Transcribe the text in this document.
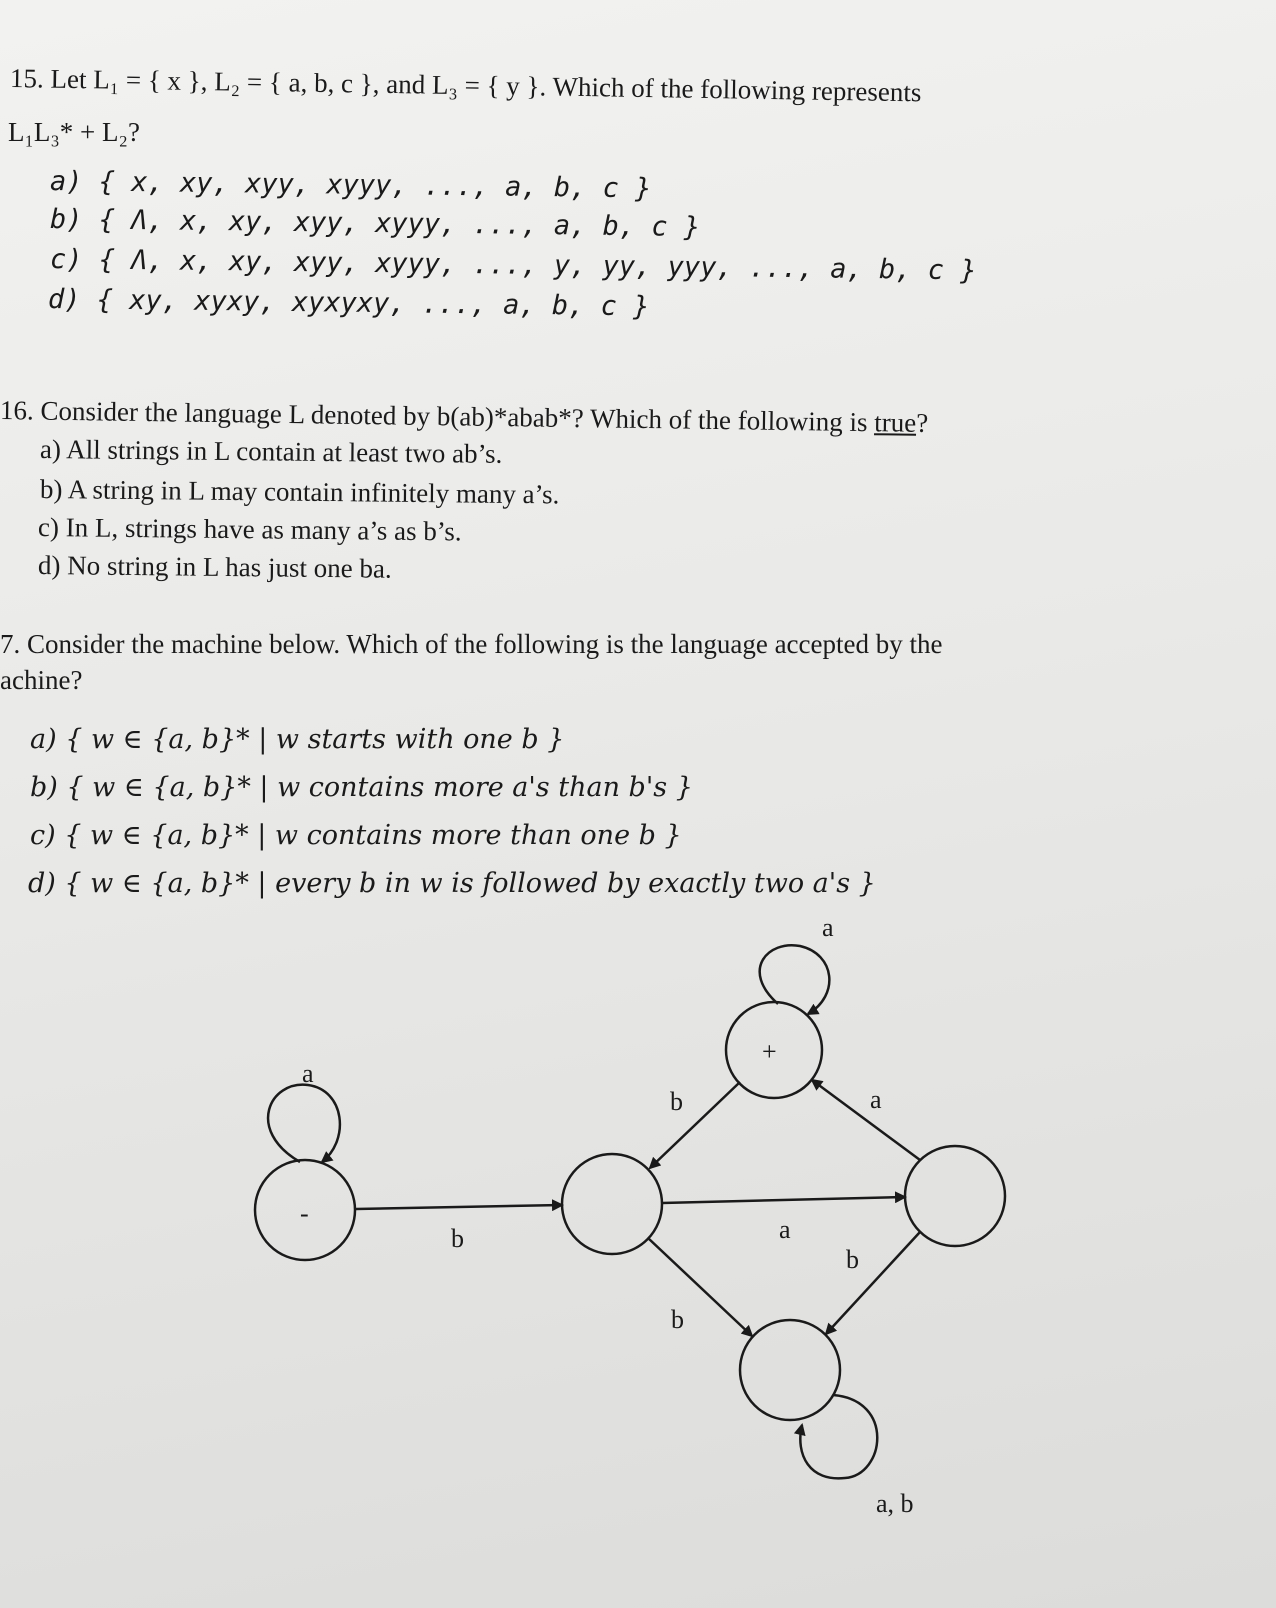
15. Let L₁ = { x }, L₂ = { a, b, c }, and L₃ = { y }. Which of the following represents
L₁L₃* + L₂?
a) { x, xy, xyy, xyyy, ..., a, b, c }
b) { Λ, x, xy, xyy, xyyy, ..., a, b, c }
c) { Λ, x, xy, xyy, xyyy, ..., y, yy, yyy, ..., a, b, c }
d) { xy, xyxy, xyxyxy, ..., a, b, c }
16. Consider the language L denoted by b(ab)*abab*? Which of the following is true?
a) All strings in L contain at least two ab’s.
b) A string in L may contain infinitely many a’s.
c) In L, strings have as many a’s as b’s.
d) No string in L has just one ba.
7. Consider the machine below. Which of the following is the language accepted by the
achine?
a) { w ∈ {a, b}* | w starts with one b }
b) { w ∈ {a, b}* | w contains more a's than b's }
c) { w ∈ {a, b}* | w contains more than one b }
d) { w ∈ {a, b}* | every b in w is followed by exactly two a's }
-
+
a
b
a
b	a
a
b
b
a, b
